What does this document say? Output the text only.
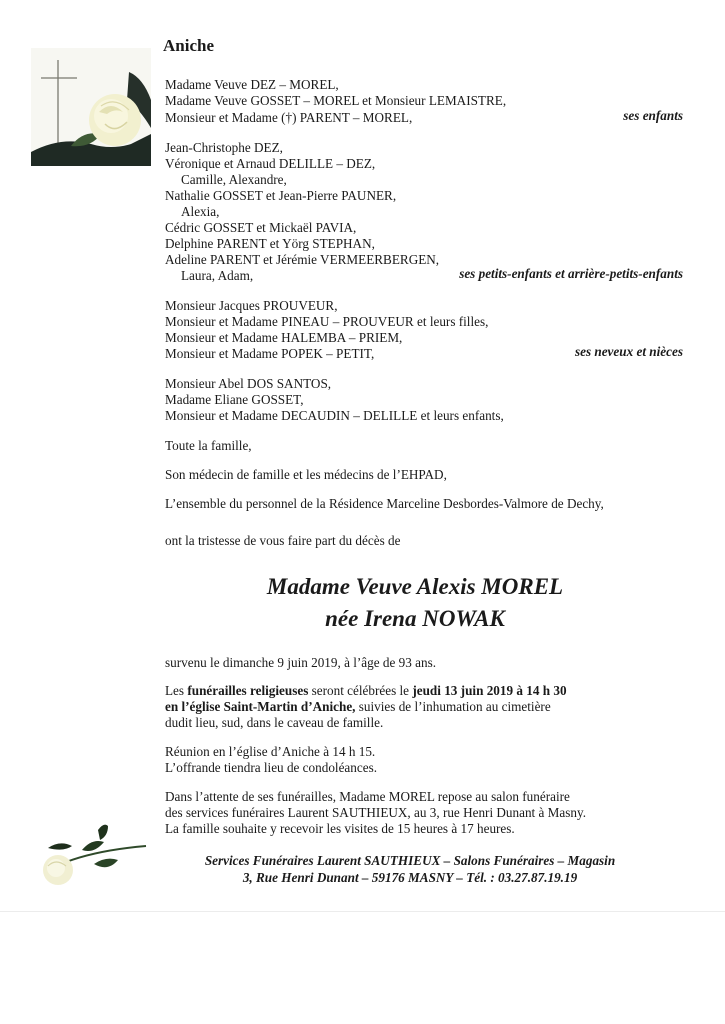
Aniche
Madame Veuve DEZ – MOREL,
Madame Veuve GOSSET – MOREL et Monsieur LEMAISTRE,
Monsieur et Madame (†) PARENT – MOREL,	ses enfants
Jean-Christophe DEZ,
Véronique et Arnaud DELILLE – DEZ,
Camille, Alexandre,
Nathalie GOSSET et Jean-Pierre PAUNER,
Alexia,
Cédric GOSSET et Mickaël PAVIA,
Delphine PARENT et Yörg STEPHAN,
Adeline PARENT et Jérémie VERMEERBERGEN,
Laura, Adam,	ses petits-enfants et arrière-petits-enfants
Monsieur Jacques PROUVEUR,
Monsieur et Madame PINEAU – PROUVEUR et leurs filles,
Monsieur et Madame HALEMBA – PRIEM,
Monsieur et Madame POPEK – PETIT,	ses neveux et nièces
Monsieur Abel DOS SANTOS,
Madame Eliane GOSSET,
Monsieur et Madame DECAUDIN – DELILLE et leurs enfants,
Toute la famille,
Son médecin de famille et les médecins de l’EHPAD,
L’ensemble du personnel de la Résidence Marceline Desbordes-Valmore de Dechy,
ont la tristesse de vous faire part du décès de
Madame Veuve Alexis MOREL
née Irena NOWAK
survenu le dimanche 9 juin 2019, à l’âge de 93 ans.
Les funérailles religieuses seront célébrées le jeudi 13 juin 2019 à 14 h 30
en l’église Saint-Martin d’Aniche, suivies de l’inhumation au cimetière
dudit lieu, sud, dans le caveau de famille.
Réunion en l’église d’Aniche à 14 h 15.
L’offrande tiendra lieu de condoléances.
Dans l’attente de ses funérailles, Madame MOREL repose au salon funéraire
des services funéraires Laurent SAUTHIEUX, au 3, rue Henri Dunant à Masny.
La famille souhaite y recevoir les visites de 15 heures à 17 heures.
Services Funéraires Laurent SAUTHIEUX – Salons Funéraires – Magasin
3, Rue Henri Dunant – 59176 MASNY – Tél. : 03.27.87.19.19
